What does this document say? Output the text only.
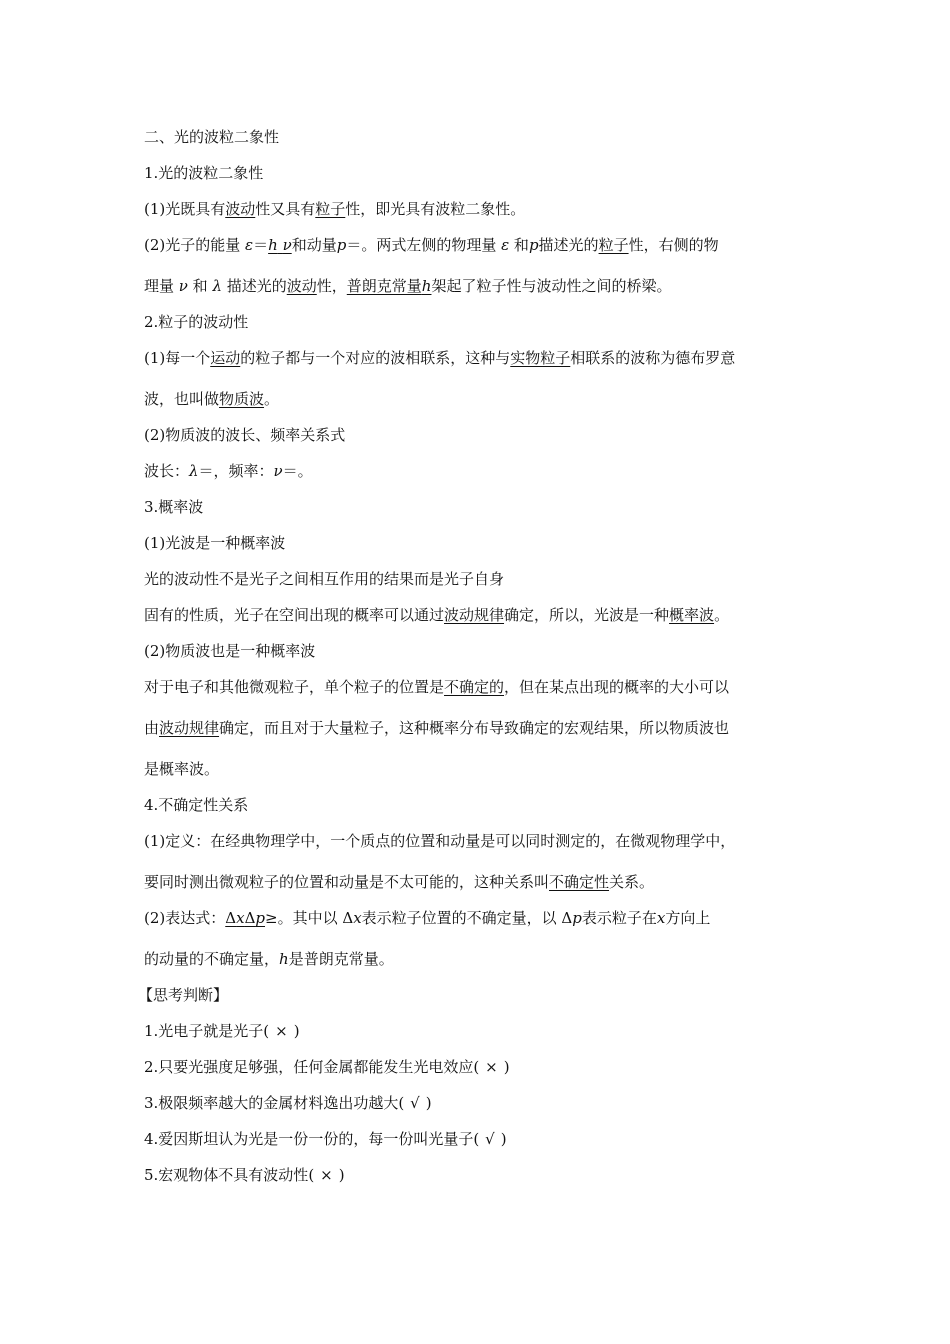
二、光的波粒二象性
1.光的波粒二象性
(1)光既具有波动性又具有粒子性，即光具有波粒二象性。
(2)光子的能量 ε＝h ν和动量p＝。两式左侧的物理量 ε 和p描述光的粒子性，右侧的物
理量 ν 和 λ 描述光的波动性，普朗克常量h架起了粒子性与波动性之间的桥梁。
2.粒子的波动性
(1)每一个运动的粒子都与一个对应的波相联系，这种与实物粒子相联系的波称为德布罗意
波，也叫做物质波。
(2)物质波的波长、频率关系式
波长：λ＝，频率：ν＝。
3.概率波
(1)光波是一种概率波
光的波动性不是光子之间相互作用的结果而是光子自身
固有的性质，光子在空间出现的概率可以通过波动规律确定，所以，光波是一种概率波。
(2)物质波也是一种概率波
对于电子和其他微观粒子，单个粒子的位置是不确定的，但在某点出现的概率的大小可以
由波动规律确定，而且对于大量粒子，这种概率分布导致确定的宏观结果，所以物质波也
是概率波。
4.不确定性关系
(1)定义：在经典物理学中，一个质点的位置和动量是可以同时测定的，在微观物理学中，
要同时测出微观粒子的位置和动量是不太可能的，这种关系叫不确定性关系。
(2)表达式：ΔxΔp≥。其中以 Δx表示粒子位置的不确定量，以 Δp表示粒子在x方向上
的动量的不确定量，h是普朗克常量。
【思考判断】
1.光电子就是光子( × )
2.只要光强度足够强，任何金属都能发生光电效应( × )
3.极限频率越大的金属材料逸出功越大( √ )
4.爱因斯坦认为光是一份一份的，每一份叫光量子( √ )
5.宏观物体不具有波动性( × )
